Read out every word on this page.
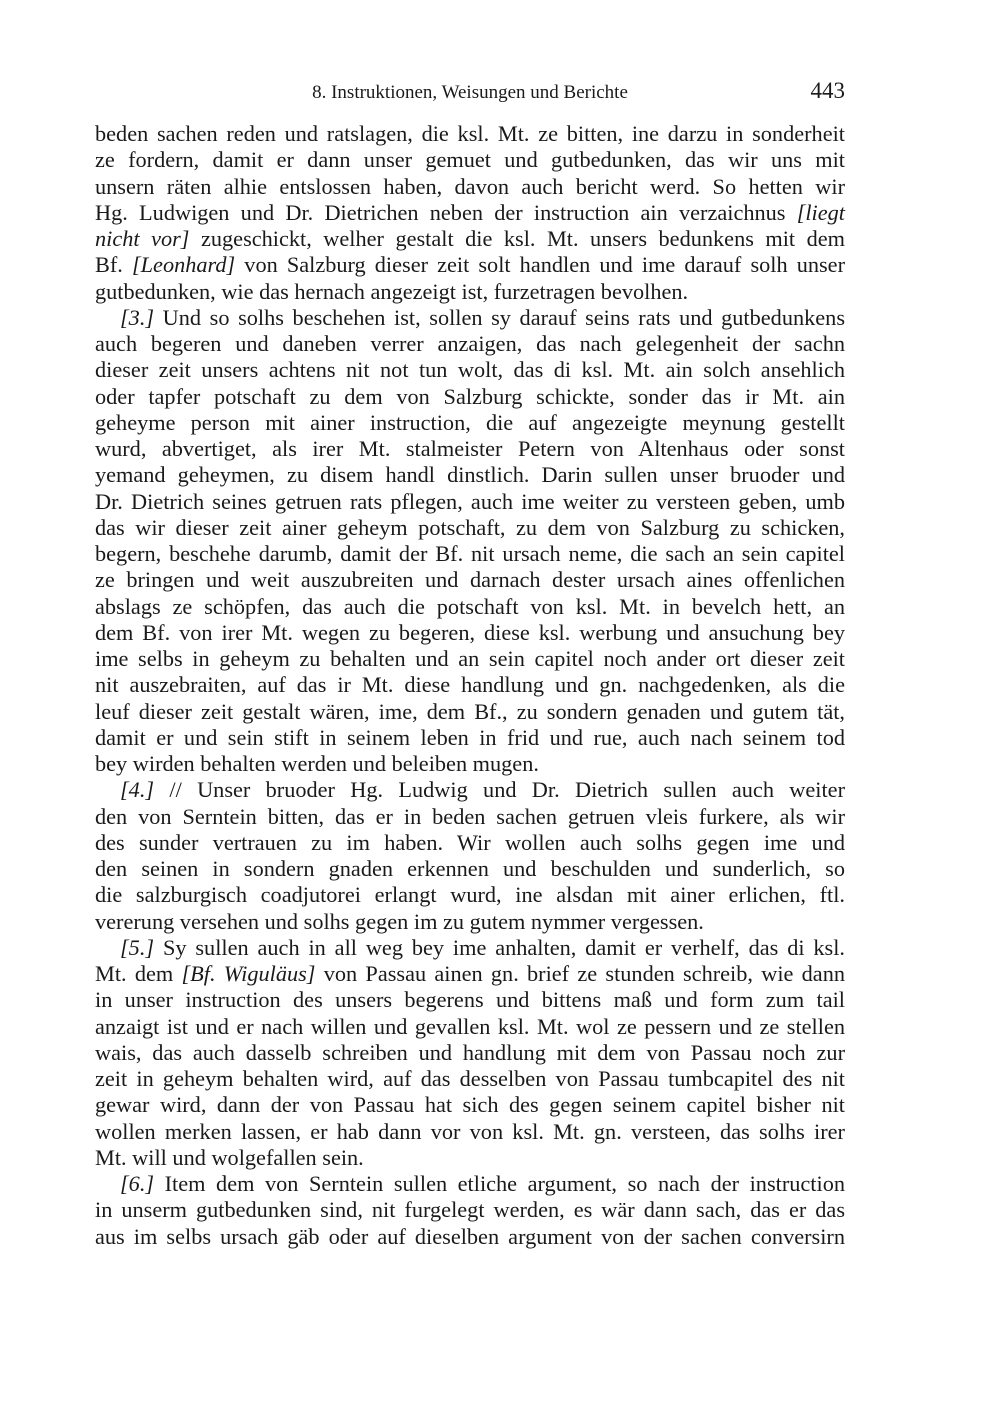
8. Instruktionen, Weisungen und Berichte	443
beden sachen reden und ratslagen, die ksl. Mt. ze bitten, ine darzu in sonderheit
ze fordern, damit er dann unser gemuet und gutbedunken, das wir uns mit
unsern räten alhie entslossen haben, davon auch bericht werd. So hetten wir
Hg. Ludwigen und Dr. Dietrichen neben der instruction ain verzaichnus [liegt
nicht vor] zugeschickt, welher gestalt die ksl. Mt. unsers bedunkens mit dem
Bf. [Leonhard] von Salzburg dieser zeit solt handlen und ime darauf solh unser
gutbedunken, wie das hernach angezeigt ist, furzetragen bevolhen.
[3.] Und so solhs beschehen ist, sollen sy darauf seins rats und gutbedunkens
auch begeren und daneben verrer anzaigen, das nach gelegenheit der sachn
dieser zeit unsers achtens nit not tun wolt, das di ksl. Mt. ain solch ansehlich
oder tapfer potschaft zu dem von Salzburg schickte, sonder das ir Mt. ain
geheyme person mit ainer instruction, die auf angezeigte meynung gestellt
wurd, abvertiget, als irer Mt. stalmeister Petern von Altenhaus oder sonst
yemand geheymen, zu disem handl dinstlich. Darin sullen unser bruoder und
Dr. Dietrich seines getruen rats pflegen, auch ime weiter zu versteen geben, umb
das wir dieser zeit ainer geheym potschaft, zu dem von Salzburg zu schicken,
begern, beschehe darumb, damit der Bf. nit ursach neme, die sach an sein capitel
ze bringen und weit auszubreiten und darnach dester ursach aines offenlichen
abslags ze schöpfen, das auch die potschaft von ksl. Mt. in bevelch hett, an
dem Bf. von irer Mt. wegen zu begeren, diese ksl. werbung und ansuchung bey
ime selbs in geheym zu behalten und an sein capitel noch ander ort dieser zeit
nit auszebraiten, auf das ir Mt. diese handlung und gn. nachgedenken, als die
leuf dieser zeit gestalt wären, ime, dem Bf., zu sondern genaden und gutem tät,
damit er und sein stift in seinem leben in frid und rue, auch nach seinem tod
bey wirden behalten werden und beleiben mugen.
[4.] // Unser bruoder Hg. Ludwig und Dr. Dietrich sullen auch weiter
den von Serntein bitten, das er in beden sachen getruen vleis furkere, als wir
des sunder vertrauen zu im haben. Wir wollen auch solhs gegen ime und
den seinen in sondern gnaden erkennen und beschulden und sunderlich, so
die salzburgisch coadjutorei erlangt wurd, ine alsdan mit ainer erlichen, ftl.
vererung versehen und solhs gegen im zu gutem nymmer vergessen.
[5.] Sy sullen auch in all weg bey ime anhalten, damit er verhelf, das di ksl.
Mt. dem [Bf. Wiguläus] von Passau ainen gn. brief ze stunden schreib, wie dann
in unser instruction des unsers begerens und bittens maß und form zum tail
anzaigt ist und er nach willen und gevallen ksl. Mt. wol ze pessern und ze stellen
wais, das auch dasselb schreiben und handlung mit dem von Passau noch zur
zeit in geheym behalten wird, auf das desselben von Passau tumbcapitel des nit
gewar wird, dann der von Passau hat sich des gegen seinem capitel bisher nit
wollen merken lassen, er hab dann vor von ksl. Mt. gn. versteen, das solhs irer
Mt. will und wolgefallen sein.
[6.] Item dem von Serntein sullen etliche argument, so nach der instruction
in unserm gutbedunken sind, nit furgelegt werden, es wär dann sach, das er das
aus im selbs ursach gäb oder auf dieselben argument von der sachen conversirn
